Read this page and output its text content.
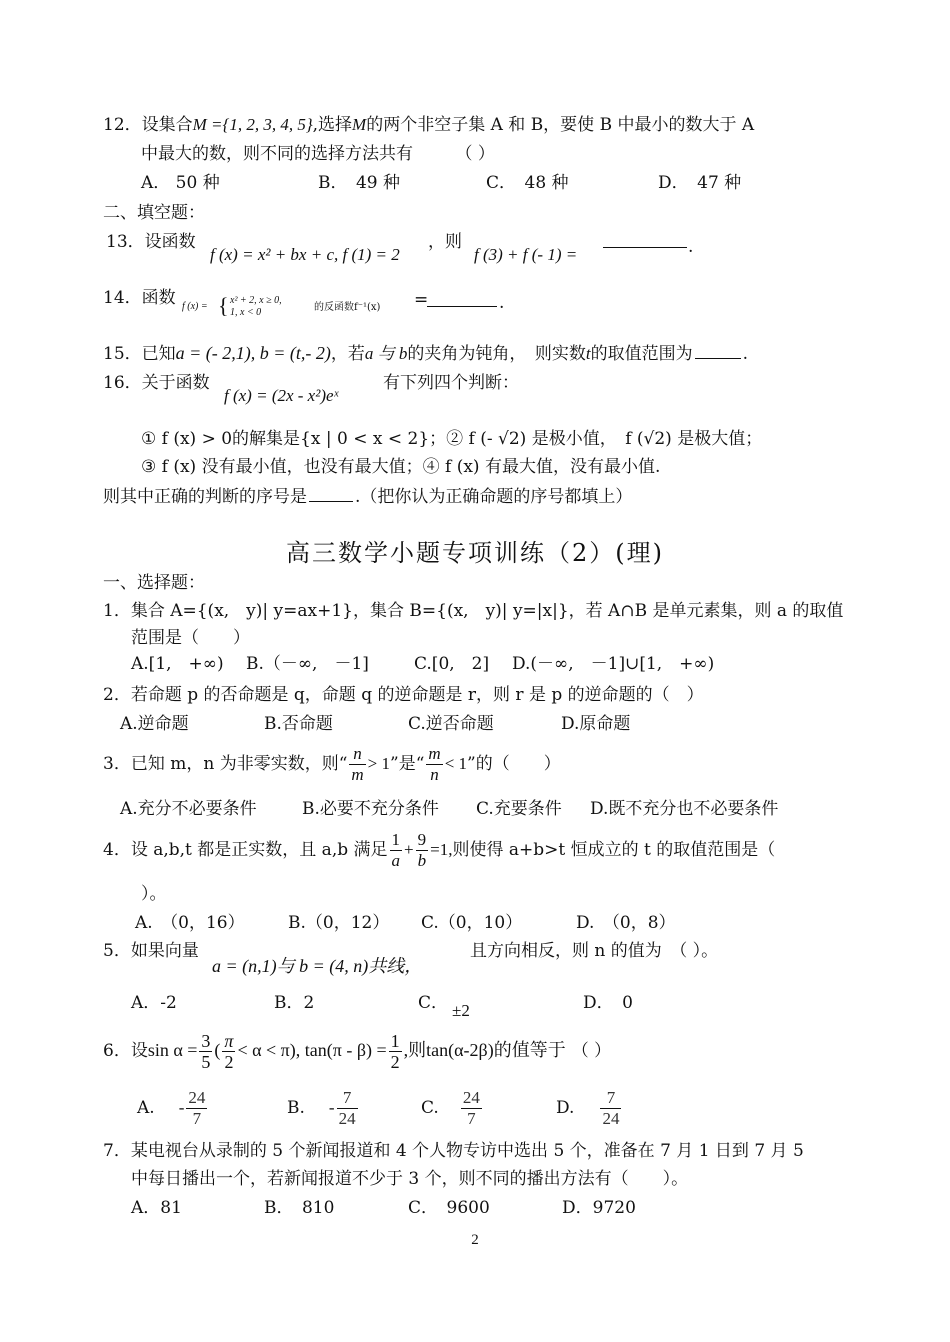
12．设集合M ={1, 2, 3, 4, 5},选择M的两个非空子集 A 和 B，要使 B 中最小的数大于 A
中最大的数，则不同的选择方法共有　　　（ ）
A． 50 种	B．　49 种	C．　48 种	D．　47 种
二、填空题：
13．设函数
f (x) = x² + bx + c, f (1) = 2
，则
f (3) + f (- 1) =	.
14．函数 f (x) = { x² + 2, x ≥ 0,
1, x < 0	的反函数f⁻¹(x) =	.
15．已知a = (- 2,1), b = (t,- 2)，若a 与 b的夹角为钝角，　则实数t的取值范围为	.
16．关于函数
f (x) = (2x - x²)eˣ
有下列四个判断：
① f (x) > 0的解集是{x | 0 < x < 2}；② f (- √2) 是极小值，　f (√2) 是极大值；
③ f (x) 没有最小值，也没有最大值；④ f (x) 有最大值，没有最小值.
则其中正确的判断的序号是	.（把你认为正确命题的序号都填上）
高三数学小题专项训练（2）(理)
一、选择题：
1．集合 A={(x,　y)| y=ax+1}，集合 B={(x,　y)| y=|x|}，若 A∩B 是单元素集，则 a 的取值
范围是（　　）
A.[1,　+∞) B.（－∞,　－1]	C.[0,　2] D.(－∞,　－1]∪[1,　+∞)
2．若命题 p 的否命题是 q，命题 q 的逆命题是 r，则 r 是 p 的逆命题的（　）
A.逆命题	B.否命题	C.逆否命题	D.原命题
3．已知 m，n 为非零实数，则“ $\frac{n}{m} > 1$”是“ $\frac{m}{n} < 1$”的（　　）
A.充分不必要条件	B.必要不充分条件 C.充要条件 D.既不充分也不必要条件
4．设 a,b,t 都是正实数，且 a,b 满足 $\frac{1}{a} + \frac{9}{b} =1$,则使得 a+b>t 恒成立的 t 的取值范围是（
）。
A.　（0，16）	B.（0，12） C.（0，10）	D.　（0，8）
5．如果向量
a = (n,1)与 b = (4, n)共线，
且方向相反，则 n 的值为　（ ）。
A．-2	B．2	C． ±2	D．　0
6．设$\sin \alpha = \frac{3}{5}$ ( $\frac{\pi}{2} < \alpha < \pi$), $\tan(\pi - \beta) = \frac{1}{2}$ ,则tan(α-2β)的值等于 （ ）
A. - $\frac{24}{7}$	B. - $\frac{7}{24}$	C. $\frac{24}{7}$	D. $\frac{7}{24}$
7．某电视台从录制的 5 个新闻报道和 4 个人物专访中选出 5 个，准备在 7 月 1 日到 7 月 5
中每日播出一个，若新闻报道不少于 3 个，则不同的播出方法有（　　）。
A．81	B．　810	C．　9600	D．9720
2
